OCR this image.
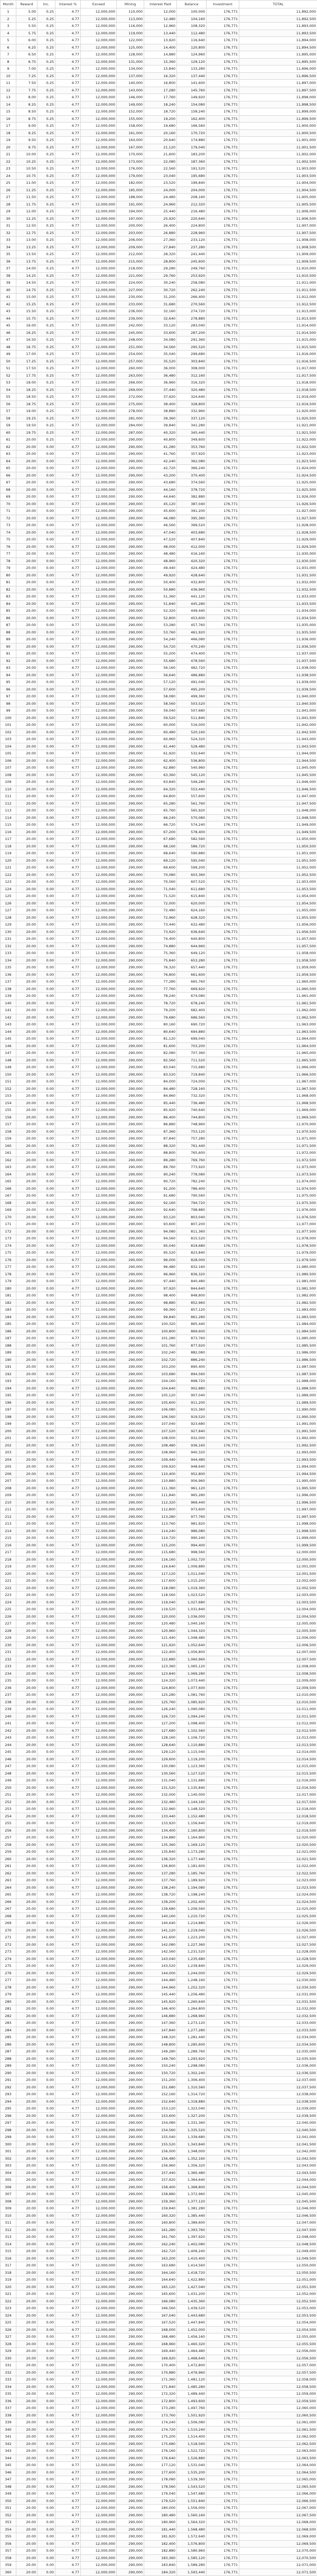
Month	Reward	Inc.	Interest %	Exceed	Mining	Interest Paid	Balance	Investment	TOTAL
1	5.00	0.25	4.77	12,000,000	110,000	12,000	100,000	176,771	11,892,000
2	5.25	0.25	4.77	12,000,000	113,000	12,480	104,160	176,771	11,892,500
3	5.50	0.25	4.77	12,000,000	116,000	12,960	108,320	176,771	11,893,000
4	5.75	0.25	4.77	12,000,000	119,000	13,440	112,480	176,771	11,893,500
5	6.00	0.25	4.77	12,000,000	122,000	13,920	116,640	176,771	11,894,000
6	6.25	0.25	4.77	12,000,000	125,000	14,400	120,800	176,771	11,894,500
7	6.50	0.25	4.77	12,000,000	128,000	14,880	124,960	176,771	11,895,000
8	6.75	0.25	4.77	12,000,000	131,000	15,360	129,120	176,771	11,895,500
9	7.00	0.25	4.77	12,000,000	134,000	15,840	133,280	176,771	11,896,000
10	7.25	0.25	4.77	12,000,000	137,000	16,320	137,440	176,771	11,896,500
11	7.50	0.25	4.77	12,000,000	140,000	16,800	141,600	176,771	11,897,000
12	7.75	0.25	4.77	12,000,000	143,000	17,280	145,760	176,771	11,897,500
13	8.00	0.25	4.77	12,000,000	146,000	17,760	149,920	176,771	11,898,000
14	8.25	0.25	4.77	12,000,000	149,000	18,240	154,080	176,771	11,898,500
15	8.50	0.25	4.77	12,000,000	152,000	18,720	158,240	176,771	11,899,000
16	8.75	0.25	4.77	12,000,000	155,000	19,200	162,400	176,771	11,899,500
17	9.00	0.25	4.77	12,000,000	158,000	19,680	166,560	176,771	11,900,000
18	9.25	0.25	4.77	12,000,000	161,000	20,160	170,720	176,771	11,900,500
19	9.50	0.25	4.77	12,000,000	164,000	20,640	174,880	176,771	11,901,000
20	9.75	0.25	4.77	12,000,000	167,000	21,120	179,040	176,771	11,901,500
21	10.00	0.25	4.77	12,000,000	170,000	21,600	183,200	176,771	11,902,000
22	10.25	0.25	4.77	12,000,000	173,000	22,080	187,360	176,771	11,902,500
23	10.50	0.25	4.77	12,000,000	176,000	22,560	191,520	176,771	11,903,000
24	10.75	0.25	4.77	12,000,000	179,000	23,040	195,680	176,771	11,903,500
25	11.00	0.25	4.77	12,000,000	182,000	23,520	199,840	176,771	11,904,000
26	11.25	0.25	4.77	12,000,000	185,000	24,000	204,000	176,771	11,904,500
27	11.50	0.25	4.77	12,000,000	188,000	24,480	208,160	176,771	11,905,000
28	11.75	0.25	4.77	12,000,000	191,000	24,960	212,320	176,771	11,905,500
29	12.00	0.25	4.77	12,000,000	194,000	25,440	216,480	176,771	11,906,000
30	12.25	0.25	4.77	12,000,000	197,000	25,920	220,640	176,771	11,906,500
31	12.50	0.25	4.77	12,000,000	200,000	26,400	224,800	176,771	11,907,000
32	12.75	0.25	4.77	12,000,000	203,000	26,880	228,960	176,771	11,907,500
33	13.00	0.25	4.77	12,000,000	206,000	27,360	233,120	176,771	11,908,000
34	13.25	0.25	4.77	12,000,000	209,000	27,840	237,280	176,771	11,908,500
35	13.50	0.25	4.77	12,000,000	212,000	28,320	241,440	176,771	11,909,000
36	13.75	0.25	4.77	12,000,000	215,000	28,800	245,600	176,771	11,909,500
37	14.00	0.25	4.77	12,000,000	218,000	29,280	249,760	176,771	11,910,000
38	14.25	0.25	4.77	12,000,000	221,000	29,760	253,920	176,771	11,910,500
39	14.50	0.25	4.77	12,000,000	224,000	30,240	258,080	176,771	11,911,000
40	14.75	0.25	4.77	12,000,000	227,000	30,720	262,240	176,771	11,911,500
41	15.00	0.25	4.77	12,000,000	230,000	31,200	266,400	176,771	11,912,000
42	15.25	0.25	4.77	12,000,000	233,000	31,680	270,560	176,771	11,912,500
43	15.50	0.25	4.77	12,000,000	236,000	32,160	274,720	176,771	11,913,000
44	15.75	0.25	4.77	12,000,000	239,000	32,640	278,880	176,771	11,913,500
45	16.00	0.25	4.77	12,000,000	242,000	33,120	283,040	176,771	11,914,000
46	16.25	0.25	4.77	12,000,000	245,000	33,600	287,200	176,771	11,914,500
47	16.50	0.25	4.77	12,000,000	248,000	34,080	291,360	176,771	11,915,000
48	16.75	0.25	4.77	12,000,000	251,000	34,560	295,520	176,771	11,915,500
49	17.00	0.25	4.77	12,000,000	254,000	35,040	299,680	176,771	11,916,000
50	17.25	0.25	4.77	12,000,000	257,000	35,520	303,840	176,771	11,916,500
51	17.50	0.25	4.77	12,000,000	260,000	36,000	308,000	176,771	11,917,000
52	17.75	0.25	4.77	12,000,000	263,000	36,480	312,160	176,771	11,917,500
53	18.00	0.25	4.77	12,000,000	266,000	36,960	316,320	176,771	11,918,000
54	18.25	0.25	4.77	12,000,000	269,000	37,440	320,480	176,771	11,918,500
55	18.50	0.25	4.77	12,000,000	272,000	37,920	324,640	176,771	11,919,000
56	18.75	0.25	4.77	12,000,000	275,000	38,400	328,800	176,771	11,919,500
57	19.00	0.25	4.77	12,000,000	278,000	38,880	332,960	176,771	11,920,000
58	19.25	0.25	4.77	12,000,000	281,000	39,360	337,120	176,771	11,920,500
59	19.50	0.25	4.77	12,000,000	284,000	39,840	341,280	176,771	11,921,000
60	19.75	0.25	4.77	12,000,000	287,000	40,320	345,440	176,771	11,921,500
61	20.00	0.25	4.77	12,000,000	290,000	40,800	349,600	176,771	11,922,000
62	20.00	0.00	4.77	12,000,000	290,000	41,280	353,760	176,771	11,922,500
63	20.00	0.00	4.77	12,000,000	290,000	41,760	357,920	176,771	11,923,000
64	20.00	0.00	4.77	12,000,000	290,000	42,240	362,080	176,771	11,923,500
65	20.00	0.00	4.77	12,000,000	290,000	42,720	366,240	176,771	11,924,000
66	20.00	0.00	4.77	12,000,000	290,000	43,200	370,400	176,771	11,924,500
67	20.00	0.00	4.77	12,000,000	290,000	43,680	374,560	176,771	11,925,000
68	20.00	0.00	4.77	12,000,000	290,000	44,160	378,720	176,771	11,925,500
69	20.00	0.00	4.77	12,000,000	290,000	44,640	382,880	176,771	11,926,000
70	20.00	0.00	4.77	12,000,000	290,000	45,120	387,040	176,771	11,926,500
71	20.00	0.00	4.77	12,000,000	290,000	45,600	391,200	176,771	11,927,000
72	20.00	0.00	4.77	12,000,000	290,000	46,080	395,360	176,771	11,927,500
73	20.00	0.00	4.77	12,000,000	290,000	46,560	399,520	176,771	11,928,000
74	20.00	0.00	4.77	12,000,000	290,000	47,040	403,680	176,771	11,928,500
75	20.00	0.00	4.77	12,000,000	290,000	47,520	407,840	176,771	11,929,000
76	20.00	0.00	4.77	12,000,000	290,000	48,000	412,000	176,771	11,929,500
77	20.00	0.00	4.77	12,000,000	290,000	48,480	416,160	176,771	11,930,000
78	20.00	0.00	4.77	12,000,000	290,000	48,960	420,320	176,771	11,930,500
79	20.00	0.00	4.77	12,000,000	290,000	49,440	424,480	176,771	11,931,000
80	20.00	0.00	4.77	12,000,000	290,000	49,920	428,640	176,771	11,931,500
81	20.00	0.00	4.77	12,000,000	290,000	50,400	432,800	176,771	11,932,000
82	20.00	0.00	4.77	12,000,000	290,000	50,880	436,960	176,771	11,932,500
83	20.00	0.00	4.77	12,000,000	290,000	51,360	441,120	176,771	11,933,000
84	20.00	0.00	4.77	12,000,000	290,000	51,840	445,280	176,771	11,933,500
85	20.00	0.00	4.77	12,000,000	290,000	52,320	449,440	176,771	11,934,000
86	20.00	0.00	4.77	12,000,000	290,000	52,800	453,600	176,771	11,934,500
87	20.00	0.00	4.77	12,000,000	290,000	53,280	457,760	176,771	11,935,000
88	20.00	0.00	4.77	12,000,000	290,000	53,760	461,920	176,771	11,935,500
89	20.00	0.00	4.77	12,000,000	290,000	54,240	466,080	176,771	11,936,000
90	20.00	0.00	4.77	12,000,000	290,000	54,720	470,240	176,771	11,936,500
91	20.00	0.00	4.77	12,000,000	290,000	55,200	474,400	176,771	11,937,000
92	20.00	0.00	4.77	12,000,000	290,000	55,680	478,560	176,771	11,937,500
93	20.00	0.00	4.77	12,000,000	290,000	56,160	482,720	176,771	11,938,000
94	20.00	0.00	4.77	12,000,000	290,000	56,640	486,880	176,771	11,938,500
95	20.00	0.00	4.77	12,000,000	290,000	57,120	491,040	176,771	11,939,000
96	20.00	0.00	4.77	12,000,000	290,000	57,600	495,200	176,771	11,939,500
97	20.00	0.00	4.77	12,000,000	290,000	58,080	499,360	176,771	11,940,000
98	20.00	0.00	4.77	12,000,000	290,000	58,560	503,520	176,771	11,940,500
99	20.00	0.00	4.77	12,000,000	290,000	59,040	507,680	176,771	11,941,000
100	20.00	0.00	4.77	12,000,000	290,000	59,520	511,840	176,771	11,941,500
101	20.00	0.00	4.77	12,000,000	290,000	60,000	516,000	176,771	11,942,000
102	20.00	0.00	4.77	12,000,000	290,000	60,480	520,160	176,771	11,942,500
103	20.00	0.00	4.77	12,000,000	290,000	60,960	524,320	176,771	11,943,000
104	20.00	0.00	4.77	12,000,000	290,000	61,440	528,480	176,771	11,943,500
105	20.00	0.00	4.77	12,000,000	290,000	61,920	532,640	176,771	11,944,000
106	20.00	0.00	4.77	12,000,000	290,000	62,400	536,800	176,771	11,944,500
107	20.00	0.00	4.77	12,000,000	290,000	62,880	540,960	176,771	11,945,000
108	20.00	0.00	4.77	12,000,000	290,000	63,360	545,120	176,771	11,945,500
109	20.00	0.00	4.77	12,000,000	290,000	63,840	549,280	176,771	11,946,000
110	20.00	0.00	4.77	12,000,000	290,000	64,320	553,440	176,771	11,946,500
111	20.00	0.00	4.77	12,000,000	290,000	64,800	557,600	176,771	11,947,000
112	20.00	0.00	4.77	12,000,000	290,000	65,280	561,760	176,771	11,947,500
113	20.00	0.00	4.77	12,000,000	290,000	65,760	565,920	176,771	11,948,000
114	20.00	0.00	4.77	12,000,000	290,000	66,240	570,080	176,771	11,948,500
115	20.00	0.00	4.77	12,000,000	290,000	66,720	574,240	176,771	11,949,000
116	20.00	0.00	4.77	12,000,000	290,000	67,200	578,400	176,771	11,949,500
117	20.00	0.00	4.77	12,000,000	290,000	67,680	582,560	176,771	11,950,000
118	20.00	0.00	4.77	12,000,000	290,000	68,160	586,720	176,771	11,950,500
119	20.00	0.00	4.77	12,000,000	290,000	68,640	590,880	176,771	11,951,000
120	20.00	0.00	4.77	12,000,000	290,000	69,120	595,040	176,771	11,951,500
121	20.00	0.00	4.77	12,000,000	290,000	69,600	599,200	176,771	11,952,000
122	20.00	0.00	4.77	12,000,000	290,000	70,080	603,360	176,771	11,952,500
123	20.00	0.00	4.77	12,000,000	290,000	70,560	607,520	176,771	11,953,000
124	20.00	0.00	4.77	12,000,000	290,000	71,040	611,680	176,771	11,953,500
125	20.00	0.00	4.77	12,000,000	290,000	71,520	615,840	176,771	11,954,000
126	20.00	0.00	4.77	12,000,000	290,000	72,000	620,000	176,771	11,954,500
127	20.00	0.00	4.77	12,000,000	290,000	72,480	624,160	176,771	11,955,000
128	20.00	0.00	4.77	12,000,000	290,000	72,960	628,320	176,771	11,955,500
129	20.00	0.00	4.77	12,000,000	290,000	73,440	632,480	176,771	11,956,000
130	20.00	0.00	4.77	12,000,000	290,000	73,920	636,640	176,771	11,956,500
131	20.00	0.00	4.77	12,000,000	290,000	74,400	640,800	176,771	11,957,000
132	20.00	0.00	4.77	12,000,000	290,000	74,880	644,960	176,771	11,957,500
133	20.00	0.00	4.77	12,000,000	290,000	75,360	649,120	176,771	11,958,000
134	20.00	0.00	4.77	12,000,000	290,000	75,840	653,280	176,771	11,958,500
135	20.00	0.00	4.77	12,000,000	290,000	76,320	657,440	176,771	11,959,000
136	20.00	0.00	4.77	12,000,000	290,000	76,800	661,600	176,771	11,959,500
137	20.00	0.00	4.77	12,000,000	290,000	77,280	665,760	176,771	11,960,000
138	20.00	0.00	4.77	12,000,000	290,000	77,760	669,920	176,771	11,960,500
139	20.00	0.00	4.77	12,000,000	290,000	78,240	674,080	176,771	11,961,000
140	20.00	0.00	4.77	12,000,000	290,000	78,720	678,240	176,771	11,961,500
141	20.00	0.00	4.77	12,000,000	290,000	79,200	682,400	176,771	11,962,000
142	20.00	0.00	4.77	12,000,000	290,000	79,680	686,560	176,771	11,962,500
143	20.00	0.00	4.77	12,000,000	290,000	80,160	690,720	176,771	11,963,000
144	20.00	0.00	4.77	12,000,000	290,000	80,640	694,880	176,771	11,963,500
145	20.00	0.00	4.77	12,000,000	290,000	81,120	699,040	176,771	11,964,000
146	20.00	0.00	4.77	12,000,000	290,000	81,600	703,200	176,771	11,964,500
147	20.00	0.00	4.77	12,000,000	290,000	82,080	707,360	176,771	11,965,000
148	20.00	0.00	4.77	12,000,000	290,000	82,560	711,520	176,771	11,965,500
149	20.00	0.00	4.77	12,000,000	290,000	83,040	715,680	176,771	11,966,000
150	20.00	0.00	4.77	12,000,000	290,000	83,520	719,840	176,771	11,966,500
151	20.00	0.00	4.77	12,000,000	290,000	84,000	724,000	176,771	11,967,000
152	20.00	0.00	4.77	12,000,000	290,000	84,480	728,160	176,771	11,967,500
153	20.00	0.00	4.77	12,000,000	290,000	84,960	732,320	176,771	11,968,000
154	20.00	0.00	4.77	12,000,000	290,000	85,440	736,480	176,771	11,968,500
155	20.00	0.00	4.77	12,000,000	290,000	85,920	740,640	176,771	11,969,000
156	20.00	0.00	4.77	12,000,000	290,000	86,400	744,800	176,771	11,969,500
157	20.00	0.00	4.77	12,000,000	290,000	86,880	748,960	176,771	11,970,000
158	20.00	0.00	4.77	12,000,000	290,000	87,360	753,120	176,771	11,970,500
159	20.00	0.00	4.77	12,000,000	290,000	87,840	757,280	176,771	11,971,000
160	20.00	0.00	4.77	12,000,000	290,000	88,320	761,440	176,771	11,971,500
161	20.00	0.00	4.77	12,000,000	290,000	88,800	765,600	176,771	11,972,000
162	20.00	0.00	4.77	12,000,000	290,000	89,280	769,760	176,771	11,972,500
163	20.00	0.00	4.77	12,000,000	290,000	89,760	773,920	176,771	11,973,000
164	20.00	0.00	4.77	12,000,000	290,000	90,240	778,080	176,771	11,973,500
165	20.00	0.00	4.77	12,000,000	290,000	90,720	782,240	176,771	11,974,000
166	20.00	0.00	4.77	12,000,000	290,000	91,200	786,400	176,771	11,974,500
167	20.00	0.00	4.77	12,000,000	290,000	91,680	790,560	176,771	11,975,000
168	20.00	0.00	4.77	12,000,000	290,000	92,160	794,720	176,771	11,975,500
169	20.00	0.00	4.77	12,000,000	290,000	92,640	798,880	176,771	11,976,000
170	20.00	0.00	4.77	12,000,000	290,000	93,120	803,040	176,771	11,976,500
171	20.00	0.00	4.77	12,000,000	290,000	93,600	807,200	176,771	11,977,000
172	20.00	0.00	4.77	12,000,000	290,000	94,080	811,360	176,771	11,977,500
173	20.00	0.00	4.77	12,000,000	290,000	94,560	815,520	176,771	11,978,000
174	20.00	0.00	4.77	12,000,000	290,000	95,040	819,680	176,771	11,978,500
175	20.00	0.00	4.77	12,000,000	290,000	95,520	823,840	176,771	11,979,000
176	20.00	0.00	4.77	12,000,000	290,000	96,000	828,000	176,771	11,979,500
177	20.00	0.00	4.77	12,000,000	290,000	96,480	832,160	176,771	11,980,000
178	20.00	0.00	4.77	12,000,000	290,000	96,960	836,320	176,771	11,980,500
179	20.00	0.00	4.77	12,000,000	290,000	97,440	840,480	176,771	11,981,000
180	20.00	0.00	4.77	12,000,000	290,000	97,920	844,640	176,771	11,981,500
181	20.00	0.00	4.77	12,000,000	290,000	98,400	848,800	176,771	11,982,000
182	20.00	0.00	4.77	12,000,000	290,000	98,880	852,960	176,771	11,982,500
183	20.00	0.00	4.77	12,000,000	290,000	99,360	857,120	176,771	11,983,000
184	20.00	0.00	4.77	12,000,000	290,000	99,840	861,280	176,771	11,983,500
185	20.00	0.00	4.77	12,000,000	290,000	100,320	865,440	176,771	11,984,000
186	20.00	0.00	4.77	12,000,000	290,000	100,800	869,600	176,771	11,984,500
187	20.00	0.00	4.77	12,000,000	290,000	101,280	873,760	176,771	11,985,000
188	20.00	0.00	4.77	12,000,000	290,000	101,760	877,920	176,771	11,985,500
189	20.00	0.00	4.77	12,000,000	290,000	102,240	882,080	176,771	11,986,000
190	20.00	0.00	4.77	12,000,000	290,000	102,720	886,240	176,771	11,986,500
191	20.00	0.00	4.77	12,000,000	290,000	103,200	890,400	176,771	11,987,000
192	20.00	0.00	4.77	12,000,000	290,000	103,680	894,560	176,771	11,987,500
193	20.00	0.00	4.77	12,000,000	290,000	104,160	898,720	176,771	11,988,000
194	20.00	0.00	4.77	12,000,000	290,000	104,640	902,880	176,771	11,988,500
195	20.00	0.00	4.77	12,000,000	290,000	105,120	907,040	176,771	11,989,000
196	20.00	0.00	4.77	12,000,000	290,000	105,600	911,200	176,771	11,989,500
197	20.00	0.00	4.77	12,000,000	290,000	106,080	915,360	176,771	11,990,000
198	20.00	0.00	4.77	12,000,000	290,000	106,560	919,520	176,771	11,990,500
199	20.00	0.00	4.77	12,000,000	290,000	107,040	923,680	176,771	11,991,000
200	20.00	0.00	4.77	12,000,000	290,000	107,520	927,840	176,771	11,991,500
201	20.00	0.00	4.77	12,000,000	290,000	108,000	932,000	176,771	11,992,000
202	20.00	0.00	4.77	12,000,000	290,000	108,480	936,160	176,771	11,992,500
203	20.00	0.00	4.77	12,000,000	290,000	108,960	940,320	176,771	11,993,000
204	20.00	0.00	4.77	12,000,000	290,000	109,440	944,480	176,771	11,993,500
205	20.00	0.00	4.77	12,000,000	290,000	109,920	948,640	176,771	11,994,000
206	20.00	0.00	4.77	12,000,000	290,000	110,400	952,800	176,771	11,994,500
207	20.00	0.00	4.77	12,000,000	290,000	110,880	956,960	176,771	11,995,000
208	20.00	0.00	4.77	12,000,000	290,000	111,360	961,120	176,771	11,995,500
209	20.00	0.00	4.77	12,000,000	290,000	111,840	965,280	176,771	11,996,000
210	20.00	0.00	4.77	12,000,000	290,000	112,320	969,440	176,771	11,996,500
211	20.00	0.00	4.77	12,000,000	290,000	112,800	973,600	176,771	11,997,000
212	20.00	0.00	4.77	12,000,000	290,000	113,280	977,760	176,771	11,997,500
213	20.00	0.00	4.77	12,000,000	290,000	113,760	981,920	176,771	11,998,000
214	20.00	0.00	4.77	12,000,000	290,000	114,240	986,080	176,771	11,998,500
215	20.00	0.00	4.77	12,000,000	290,000	114,720	990,240	176,771	11,999,000
216	20.00	0.00	4.77	12,000,000	290,000	115,200	994,400	176,771	11,999,500
217	20.00	0.00	4.77	12,000,000	290,000	115,680	998,560	176,771	12,000,000
218	20.00	0.00	4.77	12,000,000	290,000	116,160	1,002,720	176,771	12,000,500
219	20.00	0.00	4.77	12,000,000	290,000	116,640	1,006,880	176,771	12,001,000
220	20.00	0.00	4.77	12,000,000	290,000	117,120	1,011,040	176,771	12,001,500
221	20.00	0.00	4.77	12,000,000	290,000	117,600	1,015,200	176,771	12,002,000
222	20.00	0.00	4.77	12,000,000	290,000	118,080	1,019,360	176,771	12,002,500
223	20.00	0.00	4.77	12,000,000	290,000	118,560	1,023,520	176,771	12,003,000
224	20.00	0.00	4.77	12,000,000	290,000	119,040	1,027,680	176,771	12,003,500
225	20.00	0.00	4.77	12,000,000	290,000	119,520	1,031,840	176,771	12,004,000
226	20.00	0.00	4.77	12,000,000	290,000	120,000	1,036,000	176,771	12,004,500
227	20.00	0.00	4.77	12,000,000	290,000	120,480	1,040,160	176,771	12,005,000
228	20.00	0.00	4.77	12,000,000	290,000	120,960	1,044,320	176,771	12,005,500
229	20.00	0.00	4.77	12,000,000	290,000	121,440	1,048,480	176,771	12,006,000
230	20.00	0.00	4.77	12,000,000	290,000	121,920	1,052,640	176,771	12,006,500
231	20.00	0.00	4.77	12,000,000	290,000	122,400	1,056,800	176,771	12,007,000
232	20.00	0.00	4.77	12,000,000	290,000	122,880	1,060,960	176,771	12,007,500
233	20.00	0.00	4.77	12,000,000	290,000	123,360	1,065,120	176,771	12,008,000
234	20.00	0.00	4.77	12,000,000	290,000	123,840	1,069,280	176,771	12,008,500
235	20.00	0.00	4.77	12,000,000	290,000	124,320	1,073,440	176,771	12,009,000
236	20.00	0.00	4.77	12,000,000	290,000	124,800	1,077,600	176,771	12,009,500
237	20.00	0.00	4.77	12,000,000	290,000	125,280	1,081,760	176,771	12,010,000
238	20.00	0.00	4.77	12,000,000	290,000	125,760	1,085,920	176,771	12,010,500
239	20.00	0.00	4.77	12,000,000	290,000	126,240	1,090,080	176,771	12,011,000
240	20.00	0.00	4.77	12,000,000	290,000	126,720	1,094,240	176,771	12,011,500
241	20.00	0.00	4.77	12,000,000	290,000	127,200	1,098,400	176,771	12,012,000
242	20.00	0.00	4.77	12,000,000	290,000	127,680	1,102,560	176,771	12,012,500
243	20.00	0.00	4.77	12,000,000	290,000	128,160	1,106,720	176,771	12,013,000
244	20.00	0.00	4.77	12,000,000	290,000	128,640	1,110,880	176,771	12,013,500
245	20.00	0.00	4.77	12,000,000	290,000	129,120	1,115,040	176,771	12,014,000
246	20.00	0.00	4.77	12,000,000	290,000	129,600	1,119,200	176,771	12,014,500
247	20.00	0.00	4.77	12,000,000	290,000	130,080	1,123,360	176,771	12,015,000
248	20.00	0.00	4.77	12,000,000	290,000	130,560	1,127,520	176,771	12,015,500
249	20.00	0.00	4.77	12,000,000	290,000	131,040	1,131,680	176,771	12,016,000
250	20.00	0.00	4.77	12,000,000	290,000	131,520	1,135,840	176,771	12,016,500
251	20.00	0.00	4.77	12,000,000	290,000	132,000	1,140,000	176,771	12,017,000
252	20.00	0.00	4.77	12,000,000	290,000	132,480	1,144,160	176,771	12,017,500
253	20.00	0.00	4.77	12,000,000	290,000	132,960	1,148,320	176,771	12,018,000
254	20.00	0.00	4.77	12,000,000	290,000	133,440	1,152,480	176,771	12,018,500
255	20.00	0.00	4.77	12,000,000	290,000	133,920	1,156,640	176,771	12,019,000
256	20.00	0.00	4.77	12,000,000	290,000	134,400	1,160,800	176,771	12,019,500
257	20.00	0.00	4.77	12,000,000	290,000	134,880	1,164,960	176,771	12,020,000
258	20.00	0.00	4.77	12,000,000	290,000	135,360	1,169,120	176,771	12,020,500
259	20.00	0.00	4.77	12,000,000	290,000	135,840	1,173,280	176,771	12,021,000
260	20.00	0.00	4.77	12,000,000	290,000	136,320	1,177,440	176,771	12,021,500
261	20.00	0.00	4.77	12,000,000	290,000	136,800	1,181,600	176,771	12,022,000
262	20.00	0.00	4.77	12,000,000	290,000	137,280	1,185,760	176,771	12,022,500
263	20.00	0.00	4.77	12,000,000	290,000	137,760	1,189,920	176,771	12,023,000
264	20.00	0.00	4.77	12,000,000	290,000	138,240	1,194,080	176,771	12,023,500
265	20.00	0.00	4.77	12,000,000	290,000	138,720	1,198,240	176,771	12,024,000
266	20.00	0.00	4.77	12,000,000	290,000	139,200	1,202,400	176,771	12,024,500
267	20.00	0.00	4.77	12,000,000	290,000	139,680	1,206,560	176,771	12,025,000
268	20.00	0.00	4.77	12,000,000	290,000	140,160	1,210,720	176,771	12,025,500
269	20.00	0.00	4.77	12,000,000	290,000	140,640	1,214,880	176,771	12,026,000
270	20.00	0.00	4.77	12,000,000	290,000	141,120	1,219,040	176,771	12,026,500
271	20.00	0.00	4.77	12,000,000	290,000	141,600	1,223,200	176,771	12,027,000
272	20.00	0.00	4.77	12,000,000	290,000	142,080	1,227,360	176,771	12,027,500
273	20.00	0.00	4.77	12,000,000	290,000	142,560	1,231,520	176,771	12,028,000
274	20.00	0.00	4.77	12,000,000	290,000	143,040	1,235,680	176,771	12,028,500
275	20.00	0.00	4.77	12,000,000	290,000	143,520	1,239,840	176,771	12,029,000
276	20.00	0.00	4.77	12,000,000	290,000	144,000	1,244,000	176,771	12,029,500
277	20.00	0.00	4.77	12,000,000	290,000	144,480	1,248,160	176,771	12,030,000
278	20.00	0.00	4.77	12,000,000	290,000	144,960	1,252,320	176,771	12,030,500
279	20.00	0.00	4.77	12,000,000	290,000	145,440	1,256,480	176,771	12,031,000
280	20.00	0.00	4.77	12,000,000	290,000	145,920	1,260,640	176,771	12,031,500
281	20.00	0.00	4.77	12,000,000	290,000	146,400	1,264,800	176,771	12,032,000
282	20.00	0.00	4.77	12,000,000	290,000	146,880	1,268,960	176,771	12,032,500
283	20.00	0.00	4.77	12,000,000	290,000	147,360	1,273,120	176,771	12,033,000
284	20.00	0.00	4.77	12,000,000	290,000	147,840	1,277,280	176,771	12,033,500
285	20.00	0.00	4.77	12,000,000	290,000	148,320	1,281,440	176,771	12,034,000
286	20.00	0.00	4.77	12,000,000	290,000	148,800	1,285,600	176,771	12,034,500
287	20.00	0.00	4.77	12,000,000	290,000	149,280	1,289,760	176,771	12,035,000
288	20.00	0.00	4.77	12,000,000	290,000	149,760	1,293,920	176,771	12,035,500
289	20.00	0.00	4.77	12,000,000	290,000	150,240	1,298,080	176,771	12,036,000
290	20.00	0.00	4.77	12,000,000	290,000	150,720	1,302,240	176,771	12,036,500
291	20.00	0.00	4.77	12,000,000	290,000	151,200	1,306,400	176,771	12,037,000
292	20.00	0.00	4.77	12,000,000	290,000	151,680	1,310,560	176,771	12,037,500
293	20.00	0.00	4.77	12,000,000	290,000	152,160	1,314,720	176,771	12,038,000
294	20.00	0.00	4.77	12,000,000	290,000	152,640	1,318,880	176,771	12,038,500
295	20.00	0.00	4.77	12,000,000	290,000	153,120	1,323,040	176,771	12,039,000
296	20.00	0.00	4.77	12,000,000	290,000	153,600	1,327,200	176,771	12,039,500
297	20.00	0.00	4.77	12,000,000	290,000	154,080	1,331,360	176,771	12,040,000
298	20.00	0.00	4.77	12,000,000	290,000	154,560	1,335,520	176,771	12,040,500
299	20.00	0.00	4.77	12,000,000	290,000	155,040	1,339,680	176,771	12,041,000
300	20.00	0.00	4.77	12,000,000	290,000	155,520	1,343,840	176,771	12,041,500
301	20.00	0.00	4.77	12,000,000	290,000	156,000	1,348,000	176,771	12,042,000
302	20.00	0.00	4.77	12,000,000	290,000	156,480	1,352,160	176,771	12,042,500
303	20.00	0.00	4.77	12,000,000	290,000	156,960	1,356,320	176,771	12,043,000
304	20.00	0.00	4.77	12,000,000	290,000	157,440	1,360,480	176,771	12,043,500
305	20.00	0.00	4.77	12,000,000	290,000	157,920	1,364,640	176,771	12,044,000
306	20.00	0.00	4.77	12,000,000	290,000	158,400	1,368,800	176,771	12,044,500
307	20.00	0.00	4.77	12,000,000	290,000	158,880	1,372,960	176,771	12,045,000
308	20.00	0.00	4.77	12,000,000	290,000	159,360	1,377,120	176,771	12,045,500
309	20.00	0.00	4.77	12,000,000	290,000	159,840	1,381,280	176,771	12,046,000
310	20.00	0.00	4.77	12,000,000	290,000	160,320	1,385,440	176,771	12,046,500
311	20.00	0.00	4.77	12,000,000	290,000	160,800	1,389,600	176,771	12,047,000
312	20.00	0.00	4.77	12,000,000	290,000	161,280	1,393,760	176,771	12,047,500
313	20.00	0.00	4.77	12,000,000	290,000	161,760	1,397,920	176,771	12,048,000
314	20.00	0.00	4.77	12,000,000	290,000	162,240	1,402,080	176,771	12,048,500
315	20.00	0.00	4.77	12,000,000	290,000	162,720	1,406,240	176,771	12,049,000
316	20.00	0.00	4.77	12,000,000	290,000	163,200	1,410,400	176,771	12,049,500
317	20.00	0.00	4.77	12,000,000	290,000	163,680	1,414,560	176,771	12,050,000
318	20.00	0.00	4.77	12,000,000	290,000	164,160	1,418,720	176,771	12,050,500
319	20.00	0.00	4.77	12,000,000	290,000	164,640	1,422,880	176,771	12,051,000
320	20.00	0.00	4.77	12,000,000	290,000	165,120	1,427,040	176,771	12,051,500
321	20.00	0.00	4.77	12,000,000	290,000	165,600	1,431,200	176,771	12,052,000
322	20.00	0.00	4.77	12,000,000	290,000	166,080	1,435,360	176,771	12,052,500
323	20.00	0.00	4.77	12,000,000	290,000	166,560	1,439,520	176,771	12,053,000
324	20.00	0.00	4.77	12,000,000	290,000	167,040	1,443,680	176,771	12,053,500
325	20.00	0.00	4.77	12,000,000	290,000	167,520	1,447,840	176,771	12,054,000
326	20.00	0.00	4.77	12,000,000	290,000	168,000	1,452,000	176,771	12,054,500
327	20.00	0.00	4.77	12,000,000	290,000	168,480	1,456,160	176,771	12,055,000
328	20.00	0.00	4.77	12,000,000	290,000	168,960	1,460,320	176,771	12,055,500
329	20.00	0.00	4.77	12,000,000	290,000	169,440	1,464,480	176,771	12,056,000
330	20.00	0.00	4.77	12,000,000	290,000	169,920	1,468,640	176,771	12,056,500
331	20.00	0.00	4.77	12,000,000	290,000	170,400	1,472,800	176,771	12,057,000
332	20.00	0.00	4.77	12,000,000	290,000	170,880	1,476,960	176,771	12,057,500
333	20.00	0.00	4.77	12,000,000	290,000	171,360	1,481,120	176,771	12,058,000
334	20.00	0.00	4.77	12,000,000	290,000	171,840	1,485,280	176,771	12,058,500
335	20.00	0.00	4.77	12,000,000	290,000	172,320	1,489,440	176,771	12,059,000
336	20.00	0.00	4.77	12,000,000	290,000	172,800	1,493,600	176,771	12,059,500
337	20.00	0.00	4.77	12,000,000	290,000	173,280	1,497,760	176,771	12,060,000
338	20.00	0.00	4.77	12,000,000	290,000	173,760	1,501,920	176,771	12,060,500
339	20.00	0.00	4.77	12,000,000	290,000	174,240	1,506,080	176,771	12,061,000
340	20.00	0.00	4.77	12,000,000	290,000	174,720	1,510,240	176,771	12,061,500
341	20.00	0.00	4.77	12,000,000	290,000	175,200	1,514,400	176,771	12,062,000
342	20.00	0.00	4.77	12,000,000	290,000	175,680	1,518,560	176,771	12,062,500
343	20.00	0.00	4.77	12,000,000	290,000	176,160	1,522,720	176,771	12,063,000
344	20.00	0.00	4.77	12,000,000	290,000	176,640	1,526,880	176,771	12,063,500
345	20.00	0.00	4.77	12,000,000	290,000	177,120	1,531,040	176,771	12,064,000
346	20.00	0.00	4.77	12,000,000	290,000	177,600	1,535,200	176,771	12,064,500
347	20.00	0.00	4.77	12,000,000	290,000	178,080	1,539,360	176,771	12,065,000
348	20.00	0.00	4.77	12,000,000	290,000	178,560	1,543,520	176,771	12,065,500
349	20.00	0.00	4.77	12,000,000	290,000	179,040	1,547,680	176,771	12,066,000
350	20.00	0.00	4.77	12,000,000	290,000	179,520	1,551,840	176,771	12,066,500
351	20.00	0.00	4.77	12,000,000	290,000	180,000	1,556,000	176,771	12,067,000
352	20.00	0.00	4.77	12,000,000	290,000	180,480	1,560,160	176,771	12,067,500
353	20.00	0.00	4.77	12,000,000	290,000	180,960	1,564,320	176,771	12,068,000
354	20.00	0.00	4.77	12,000,000	290,000	181,440	1,568,480	176,771	12,068,500
355	20.00	0.00	4.77	12,000,000	290,000	181,920	1,572,640	176,771	12,069,000
356	20.00	0.00	4.77	12,000,000	290,000	182,400	1,576,800	176,771	12,069,500
357	20.00	0.00	4.77	12,000,000	290,000	182,880	1,580,960	176,771	12,070,000
358	20.00	0.00	4.77	12,000,000	290,000	183,360	1,585,120	176,771	12,070,500
359	20.00	0.00	4.77	12,000,000	290,000	183,840	1,589,280	176,771	12,071,000
360	20.00	0.00	4.77	12,000,000	290,000	184,320	1,593,440	176,771	12,071,500
